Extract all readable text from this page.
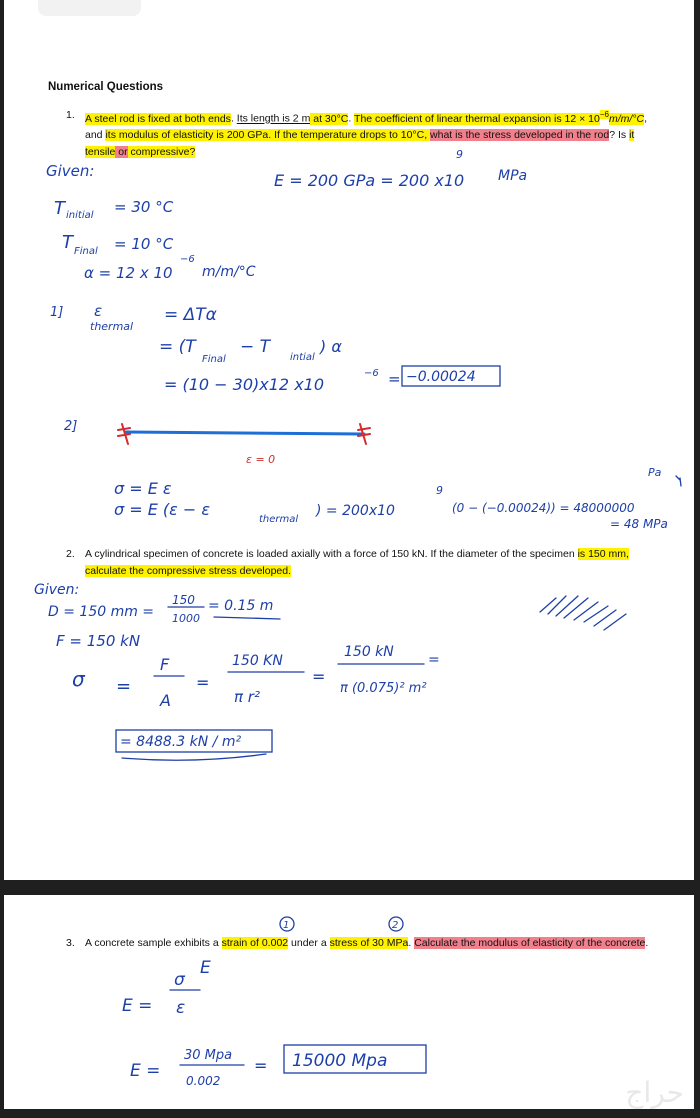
Numerical Questions
1. A steel rod is fixed at both ends. Its length is 2 m at 30°C. The coefficient of linear thermal expansion is $12 \times 10^{-6}m/m/^\circ C$, and its modulus of elasticity is 200 GPa. If the temperature drops to 10°C, what is the stress developed in the rod? Is it tensile or compressive?
2. A cylindrical specimen of concrete is loaded axially with a force of 150 kN. If the diameter of the specimen is 150 mm, calculate the compressive stress developed.
Given:	E = 200 GPa = 200 x10
9
MPa
T initial = 30 °C
T Final = 10 °C
α = 12 x 10
−6
m/m/°C
1] ε
thermal
= ΔTα
= (T
Final
− T
intial
) α
= (10 − 30)x12 x10
−6 = −0.00024
2]
ε = 0
σ = E ε
σ = E (ε − ε
thermal
) = 200x10
9
(0 − (−0.00024)) = 48000000
Pa
= 48 MPa
Given:
D = 150 mm =
150
1000
= 0.15 m
F = 150 kN
σ =
F
A
=
150 KN
π r²
=
150 kN
π (0.075)² m²
=
= 8488.3 kN / m²
3. A concrete sample exhibits a strain of 0.002 under a stress of 30 MPa. Calculate the modulus of elasticity of the concrete.
1	2
E
E =
σ
ε
E =
30 Mpa
0.002
= 15000 Mpa
حراج
